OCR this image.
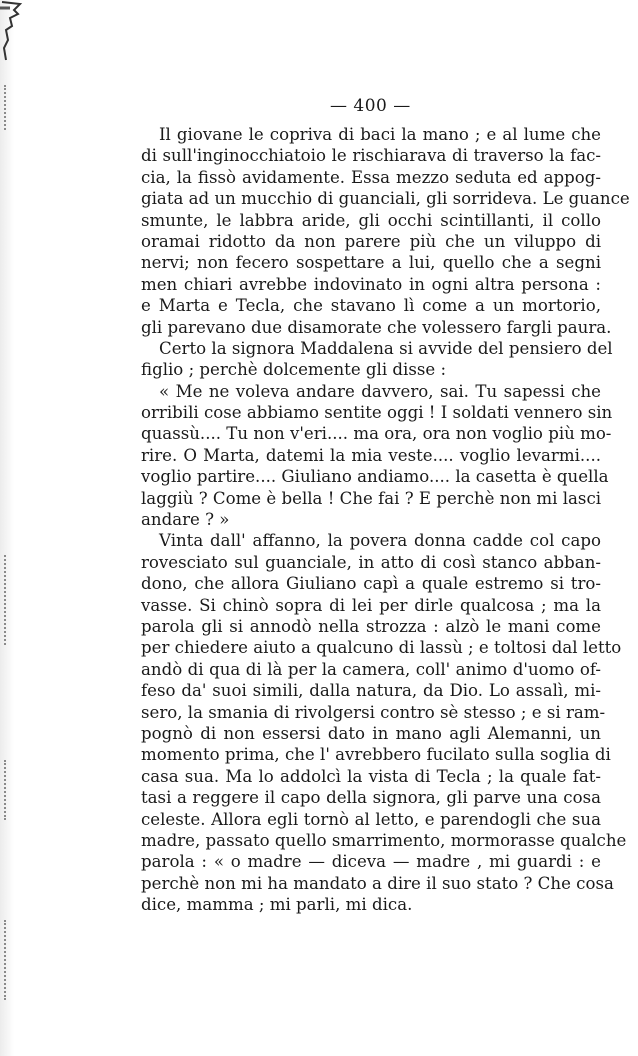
— 400 —
Il giovane le copriva di baci la mano ; e al lume che
di sull'inginocchiatoio le rischiarava di traverso la fac-
cia, la fissò avidamente. Essa mezzo seduta ed appog-
giata ad un mucchio di guanciali, gli sorrideva. Le guance
smunte, le labbra aride, gli occhi scintillanti, il collo
oramai ridotto da non parere più che un viluppo di
nervi; non fecero sospettare a lui, quello che a segni
men chiari avrebbe indovinato in ogni altra persona :
e Marta e Tecla, che stavano lì come a un mortorio,
gli parevano due disamorate che volessero fargli paura.
Certo la signora Maddalena si avvide del pensiero del
figlio ; perchè dolcemente gli disse :
« Me ne voleva andare davvero, sai. Tu sapessi che
orribili cose abbiamo sentite oggi ! I soldati vennero sin
quassù.... Tu non v'eri.... ma ora, ora non voglio più mo-
rire. O Marta, datemi la mia veste.... voglio levarmi....
voglio partire.... Giuliano andiamo.... la casetta è quella
laggiù ? Come è bella ! Che fai ? E perchè non mi lasci
andare ? »
Vinta dall' affanno, la povera donna cadde col capo
rovesciato sul guanciale, in atto di così stanco abban-
dono, che allora Giuliano capì a quale estremo si tro-
vasse. Si chinò sopra di lei per dirle qualcosa ; ma la
parola gli si annodò nella strozza : alzò le mani come
per chiedere aiuto a qualcuno di lassù ; e toltosi dal letto
andò di qua di là per la camera, coll' animo d'uomo of-
feso da' suoi simili, dalla natura, da Dio. Lo assalì, mi-
sero, la smania di rivolgersi contro sè stesso ; e si ram-
pognò di non essersi dato in mano agli Alemanni, un
momento prima, che l' avrebbero fucilato sulla soglia di
casa sua. Ma lo addolcì la vista di Tecla ; la quale fat-
tasi a reggere il capo della signora, gli parve una cosa
celeste. Allora egli tornò al letto, e parendogli che sua
madre, passato quello smarrimento, mormorasse qualche
parola : « o madre — diceva — madre , mi guardi : e
perchè non mi ha mandato a dire il suo stato ? Che cosa
dice, mamma ; mi parli, mi dica.
